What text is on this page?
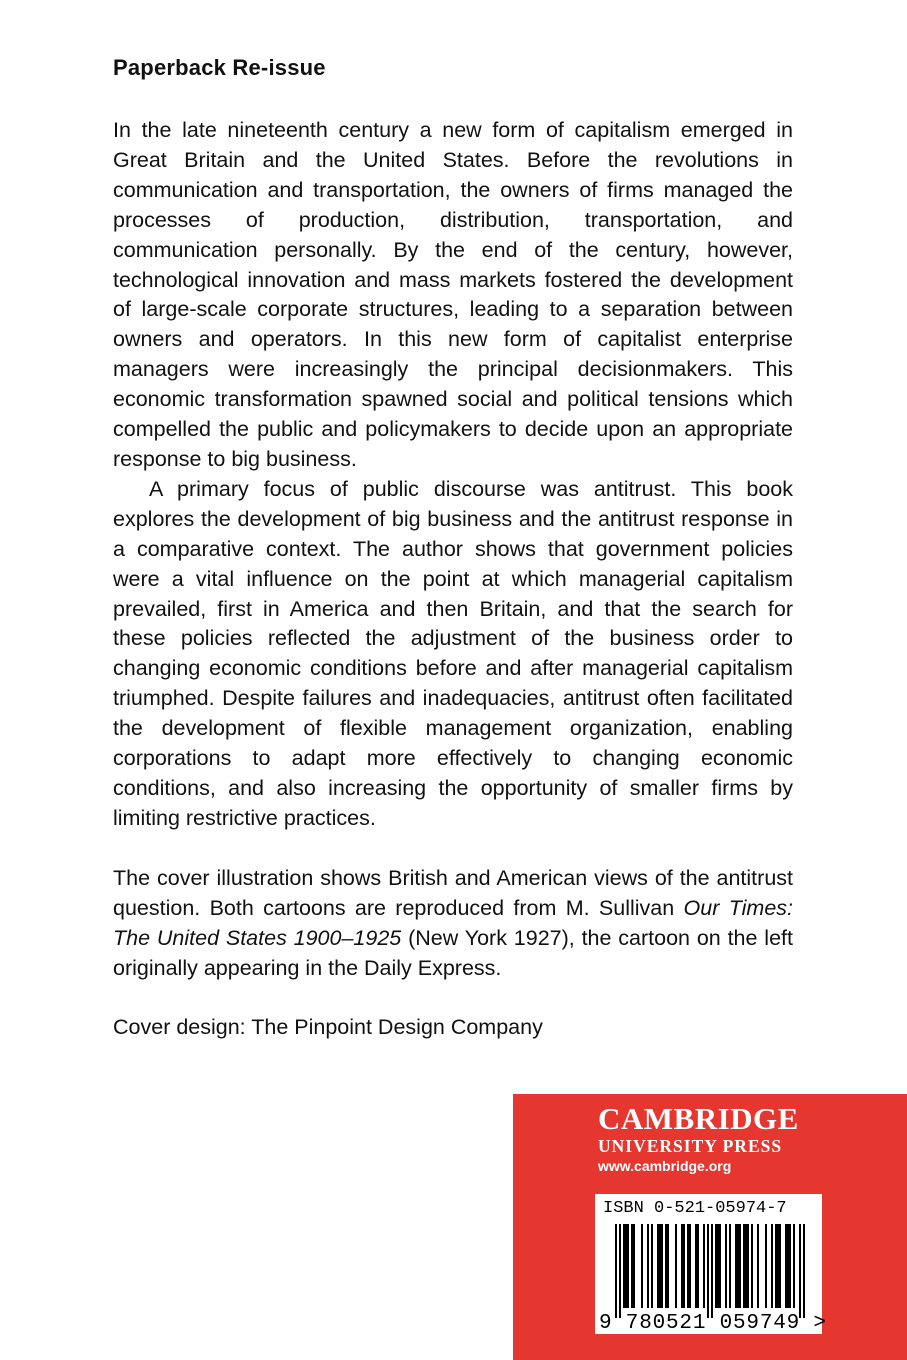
Paperback Re-issue

In the late nineteenth century a new form of capitalism emerged in Great Britain and the United States. Before the revolutions in communication and transportation, the owners of firms managed the processes of production, distribution, transportation, and communication personally. By the end of the century, however, technological innovation and mass markets fostered the development of large-scale corporate structures, leading to a separation between owners and operators. In this new form of capitalist enterprise managers were increasingly the principal decisionmakers. This economic transformation spawned social and political tensions which compelled the public and policymakers to decide upon an appropriate response to big business.

A primary focus of public discourse was antitrust. This book explores the development of big business and the antitrust response in a comparative context. The author shows that government policies were a vital influence on the point at which managerial capitalism prevailed, first in America and then Britain, and that the search for these policies reflected the adjustment of the business order to changing economic conditions before and after managerial capitalism triumphed. Despite failures and inadequacies, antitrust often facilitated the development of flexible management organization, enabling corporations to adapt more effectively to changing economic conditions, and also increasing the opportunity of smaller firms by limiting restrictive practices.

The cover illustration shows British and American views of the antitrust question. Both cartoons are reproduced from M. Sullivan Our Times: The United States 1900–1925 (New York 1927), the cartoon on the left originally appearing in the Daily Express.

Cover design: The Pinpoint Design Company
CAMBRIDGE
UNIVERSITY PRESS
www.cambridge.org
ISBN 0-521-05974-7
9 780521 059749 >
